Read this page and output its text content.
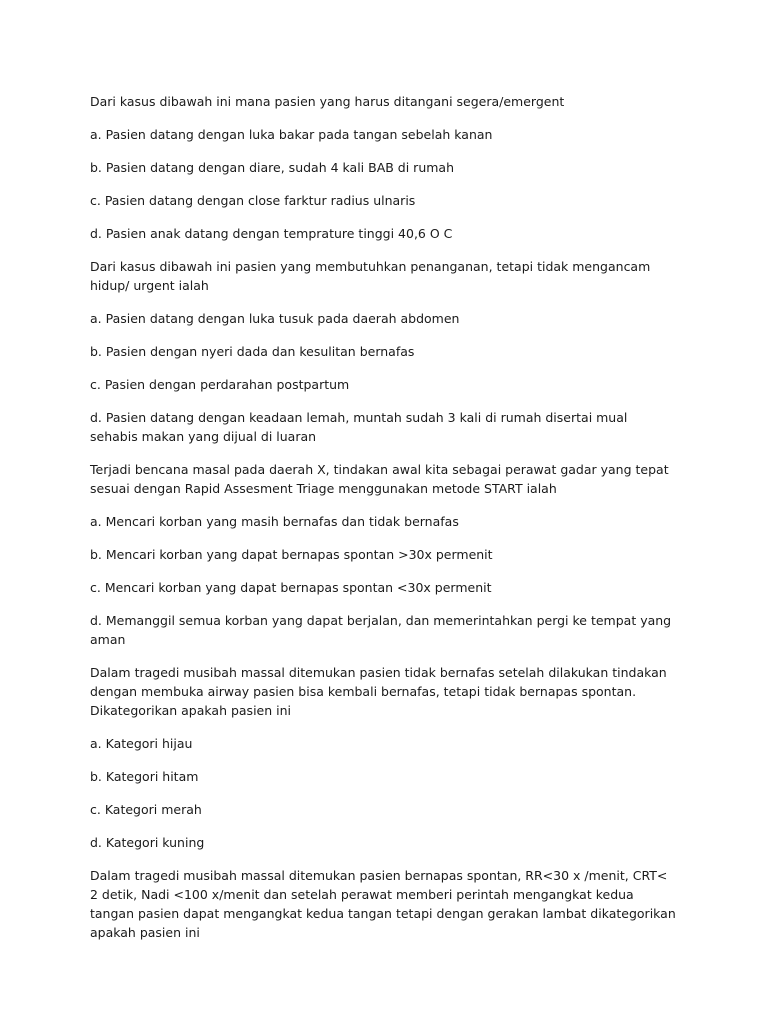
Dari kasus dibawah ini mana pasien yang harus ditangani segera/emergent

a. Pasien datang dengan luka bakar pada tangan sebelah kanan

b. Pasien datang dengan diare, sudah 4 kali BAB di rumah

c. Pasien datang dengan close farktur radius ulnaris

d. Pasien anak datang dengan temprature tinggi 40,6 O C

Dari kasus dibawah ini pasien yang membutuhkan penanganan, tetapi tidak mengancam hidup/ urgent ialah

a. Pasien datang dengan luka tusuk pada daerah abdomen

b. Pasien dengan nyeri dada dan kesulitan bernafas

c. Pasien dengan perdarahan postpartum

d. Pasien datang dengan keadaan lemah, muntah sudah 3 kali di rumah disertai mual sehabis makan yang dijual di luaran

Terjadi bencana masal pada daerah X, tindakan awal kita sebagai perawat gadar yang tepat sesuai dengan Rapid Assesment Triage menggunakan metode START ialah

a. Mencari korban yang masih bernafas dan tidak bernafas

b. Mencari korban yang dapat bernapas spontan >30x permenit

c. Mencari korban yang dapat bernapas spontan <30x permenit

d. Memanggil semua korban yang dapat berjalan, dan memerintahkan pergi ke tempat yang aman

Dalam tragedi musibah massal ditemukan pasien tidak bernafas setelah dilakukan tindakan dengan membuka airway pasien bisa kembali bernafas, tetapi tidak bernapas spontan. Dikategorikan apakah pasien ini

a. Kategori hijau

b. Kategori hitam

c. Kategori merah

d. Kategori kuning

Dalam tragedi musibah massal ditemukan pasien bernapas spontan, RR<30 x /menit, CRT< 2 detik, Nadi <100 x/menit dan setelah perawat memberi perintah mengangkat kedua tangan pasien dapat mengangkat kedua tangan tetapi dengan gerakan lambat dikategorikan apakah pasien ini
